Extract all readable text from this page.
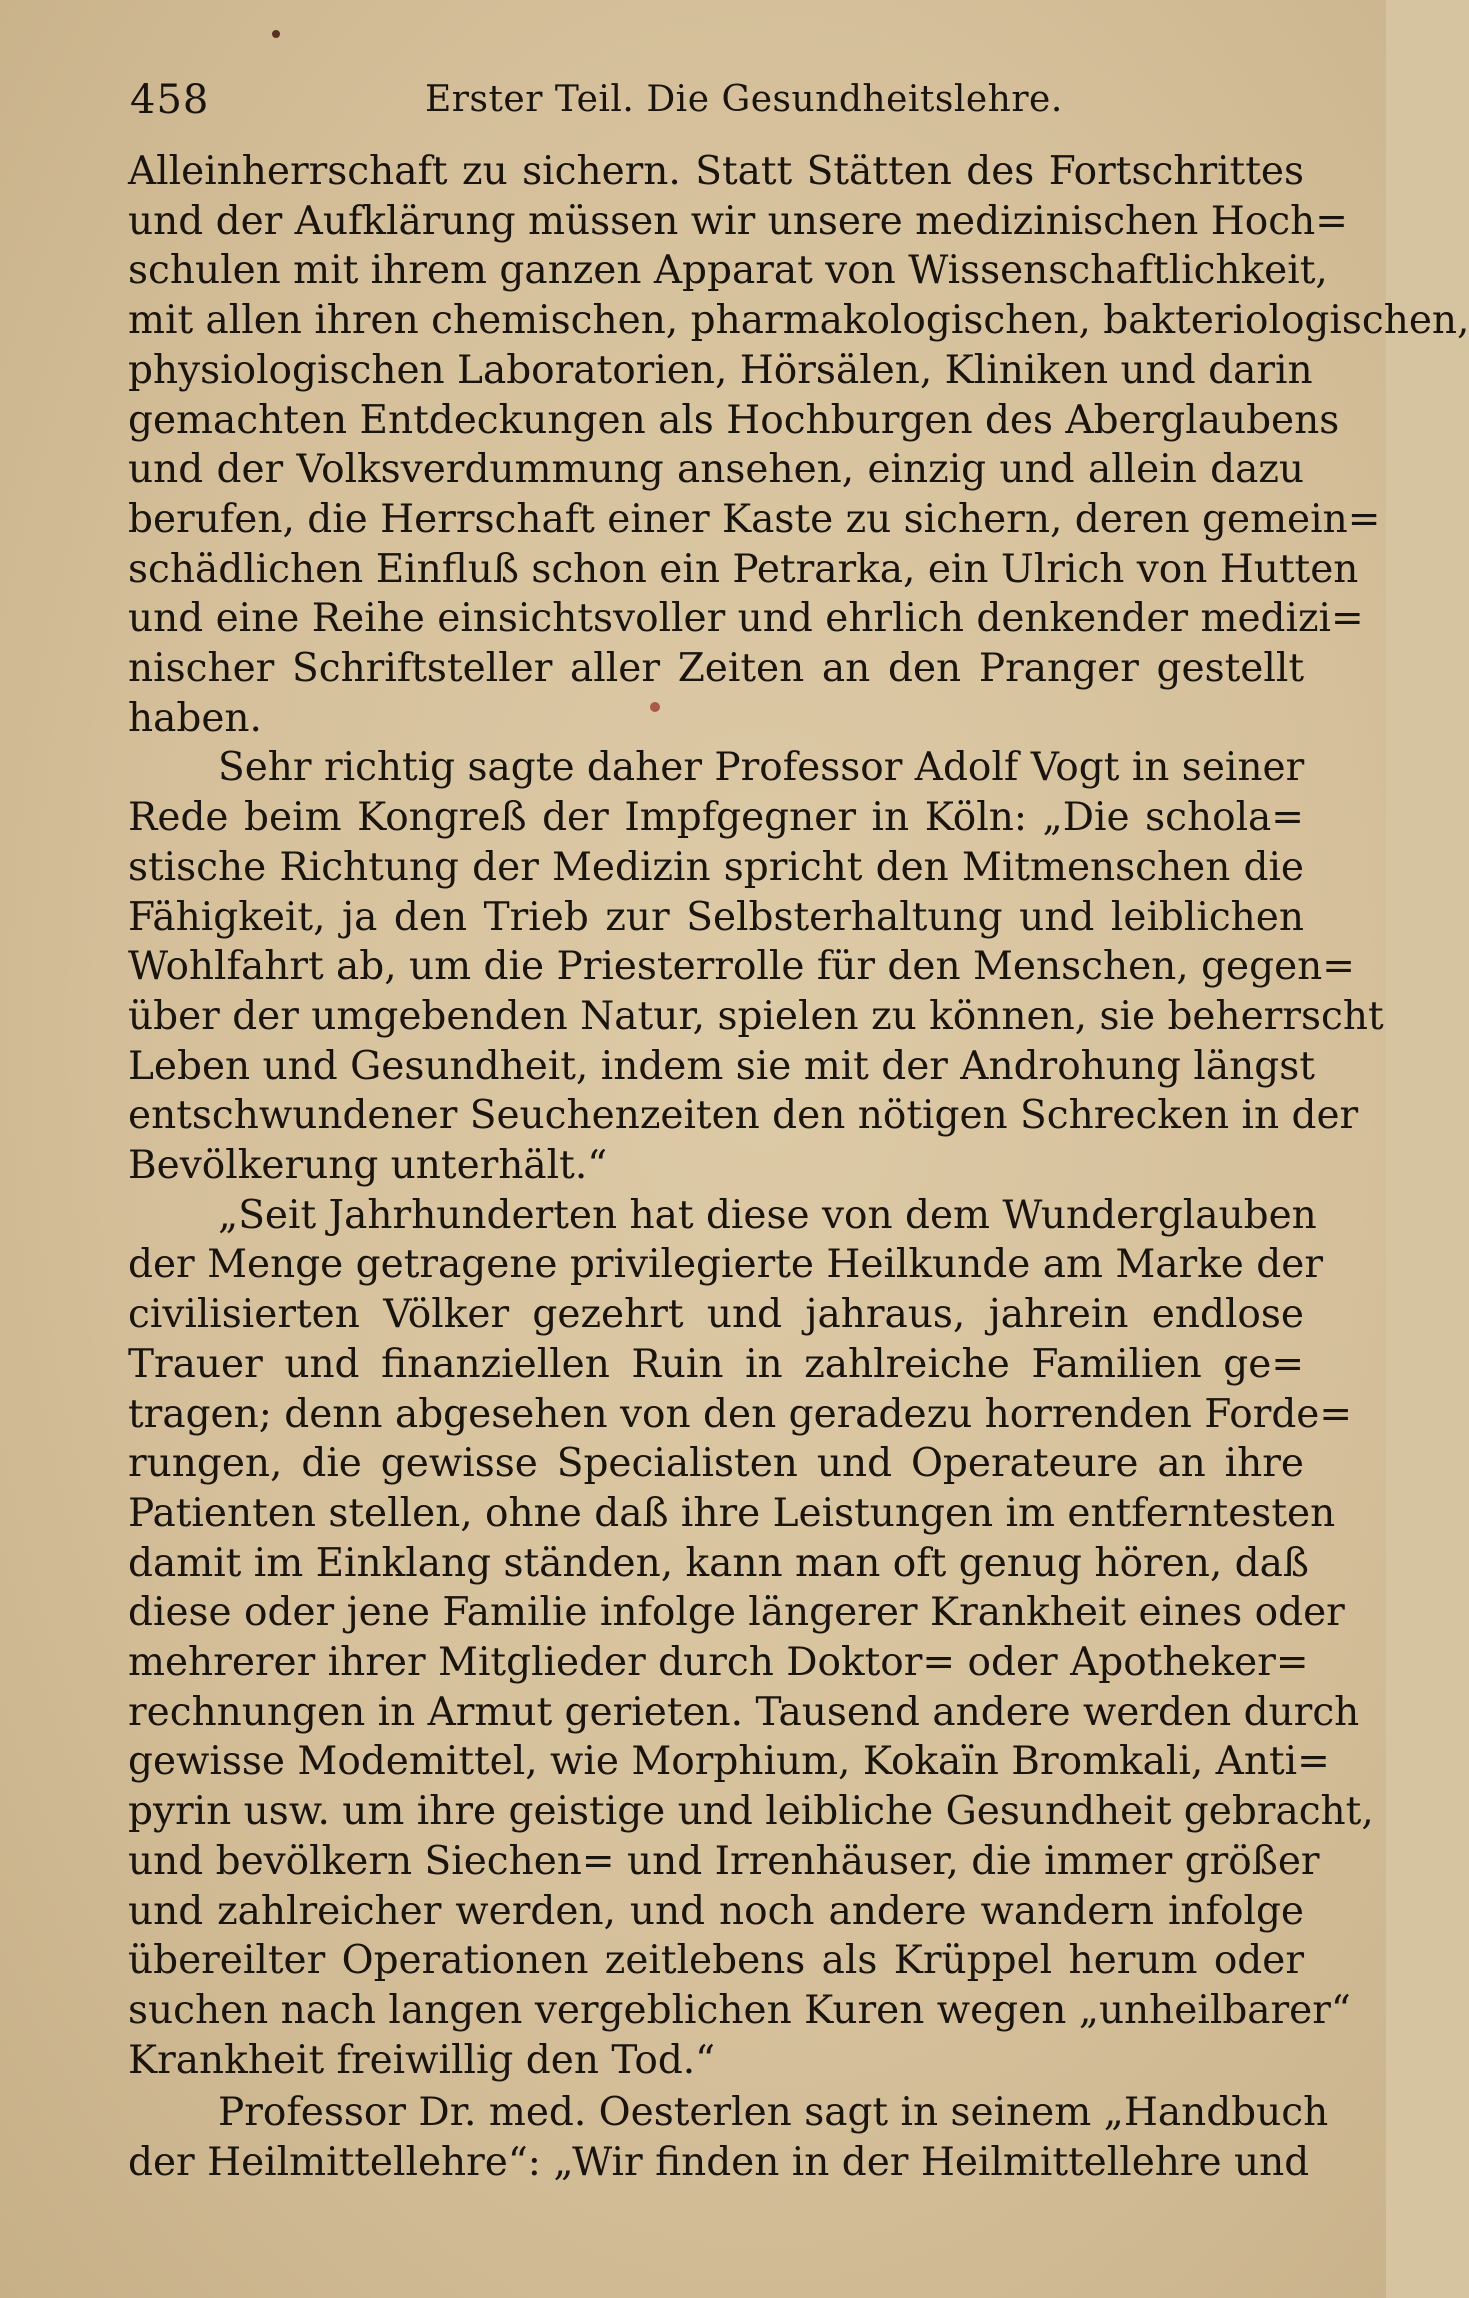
458	Erster Teil. Die Gesundheitslehre.
Alleinherrschaft zu sichern. Statt Stätten des Fortschrittes
und der Aufklärung müssen wir unsere medizinischen Hoch=
schulen mit ihrem ganzen Apparat von Wissenschaftlichkeit,
mit allen ihren chemischen, pharmakologischen, bakteriologischen,
physiologischen Laboratorien, Hörsälen, Kliniken und darin
gemachten Entdeckungen als Hochburgen des Aberglaubens
und der Volksverdummung ansehen, einzig und allein dazu
berufen, die Herrschaft einer Kaste zu sichern, deren gemein=
schädlichen Einfluß schon ein Petrarka, ein Ulrich von Hutten
und eine Reihe einsichtsvoller und ehrlich denkender medizi=
nischer Schriftsteller aller Zeiten an den Pranger gestellt
haben.
Sehr richtig sagte daher Professor Adolf Vogt in seiner
Rede beim Kongreß der Impfgegner in Köln: „Die schola=
stische Richtung der Medizin spricht den Mitmenschen die
Fähigkeit, ja den Trieb zur Selbsterhaltung und leiblichen
Wohlfahrt ab, um die Priesterrolle für den Menschen, gegen=
über der umgebenden Natur, spielen zu können, sie beherrscht
Leben und Gesundheit, indem sie mit der Androhung längst
entschwundener Seuchenzeiten den nötigen Schrecken in der
Bevölkerung unterhält.“
„Seit Jahrhunderten hat diese von dem Wunderglauben
der Menge getragene privilegierte Heilkunde am Marke der
civilisierten Völker gezehrt und jahraus, jahrein endlose
Trauer und finanziellen Ruin in zahlreiche Familien ge=
tragen; denn abgesehen von den geradezu horrenden Forde=
rungen, die gewisse Specialisten und Operateure an ihre
Patienten stellen, ohne daß ihre Leistungen im entferntesten
damit im Einklang ständen, kann man oft genug hören, daß
diese oder jene Familie infolge längerer Krankheit eines oder
mehrerer ihrer Mitglieder durch Doktor= oder Apotheker=
rechnungen in Armut gerieten. Tausend andere werden durch
gewisse Modemittel, wie Morphium, Kokaïn Bromkali, Anti=
pyrin usw. um ihre geistige und leibliche Gesundheit gebracht,
und bevölkern Siechen= und Irrenhäuser, die immer größer
und zahlreicher werden, und noch andere wandern infolge
übereilter Operationen zeitlebens als Krüppel herum oder
suchen nach langen vergeblichen Kuren wegen „unheilbarer“
Krankheit freiwillig den Tod.“
Professor Dr. med. Oesterlen sagt in seinem „Handbuch
der Heilmittellehre“: „Wir finden in der Heilmittellehre und
